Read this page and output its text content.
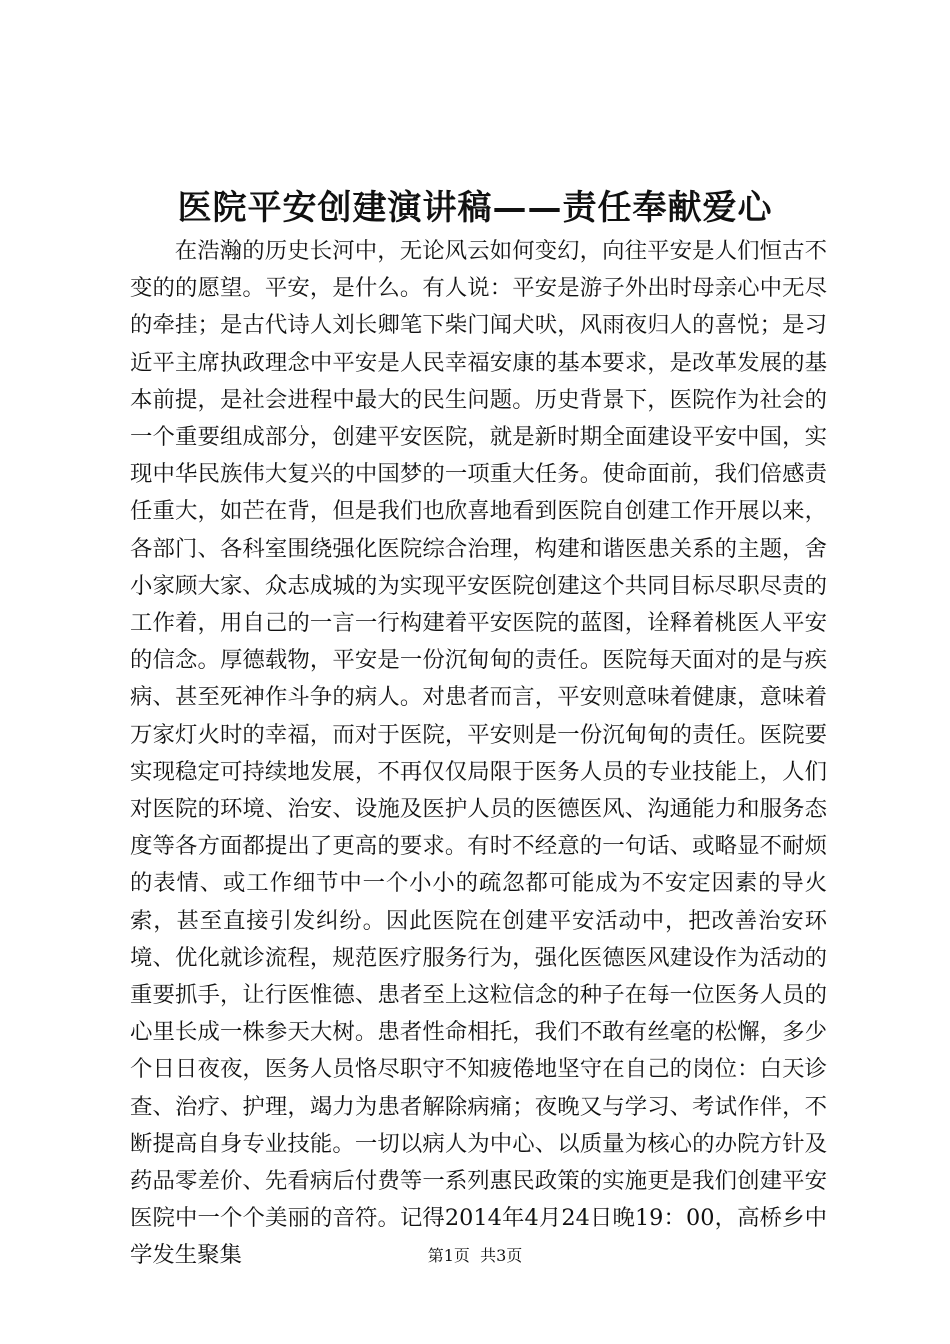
医院平安创建演讲稿——责任奉献爱心

在浩瀚的历史长河中，无论风云如何变幻，向往平安是人们恒古不变的的愿望。平安，是什么。有人说：平安是游子外出时母亲心中无尽的牵挂；是古代诗人刘长卿笔下柴门闻犬吠，风雨夜归人的喜悦；是习近平主席执政理念中平安是人民幸福安康的基本要求，是改革发展的基本前提，是社会进程中最大的民生问题。历史背景下，医院作为社会的一个重要组成部分，创建平安医院，就是新时期全面建设平安中国，实现中华民族伟大复兴的中国梦的一项重大任务。使命面前，我们倍感责任重大，如芒在背，但是我们也欣喜地看到医院自创建工作开展以来，各部门、各科室围绕强化医院综合治理，构建和谐医患关系的主题，舍小家顾大家、众志成城的为实现平安医院创建这个共同目标尽职尽责的工作着，用自己的一言一行构建着平安医院的蓝图，诠释着桃医人平安的信念。厚德载物，平安是一份沉甸甸的责任。医院每天面对的是与疾病、甚至死神作斗争的病人。对患者而言，平安则意味着健康，意味着万家灯火时的幸福，而对于医院，平安则是一份沉甸甸的责任。医院要实现稳定可持续地发展，不再仅仅局限于医务人员的专业技能上，人们对医院的环境、治安、设施及医护人员的医德医风、沟通能力和服务态度等各方面都提出了更高的要求。有时不经意的一句话、或略显不耐烦的表情、或工作细节中一个小小的疏忽都可能成为不安定因素的导火索，甚至直接引发纠纷。因此医院在创建平安活动中，把改善治安环境、优化就诊流程，规范医疗服务行为，强化医德医风建设作为活动的重要抓手，让行医惟德、患者至上这粒信念的种子在每一位医务人员的心里长成一株参天大树。患者性命相托，我们不敢有丝毫的松懈，多少个日日夜夜，医务人员恪尽职守不知疲倦地坚守在自己的岗位：白天诊查、治疗、护理，竭力为患者解除病痛；夜晚又与学习、考试作伴，不断提高自身专业技能。一切以病人为中心、以质量为核心的办院方针及药品零差价、先看病后付费等一系列惠民政策的实施更是我们创建平安医院中一个个美丽的音符。记得2014年4月24日晚19：00，高桥乡中学发生聚集	第1页 共3页
